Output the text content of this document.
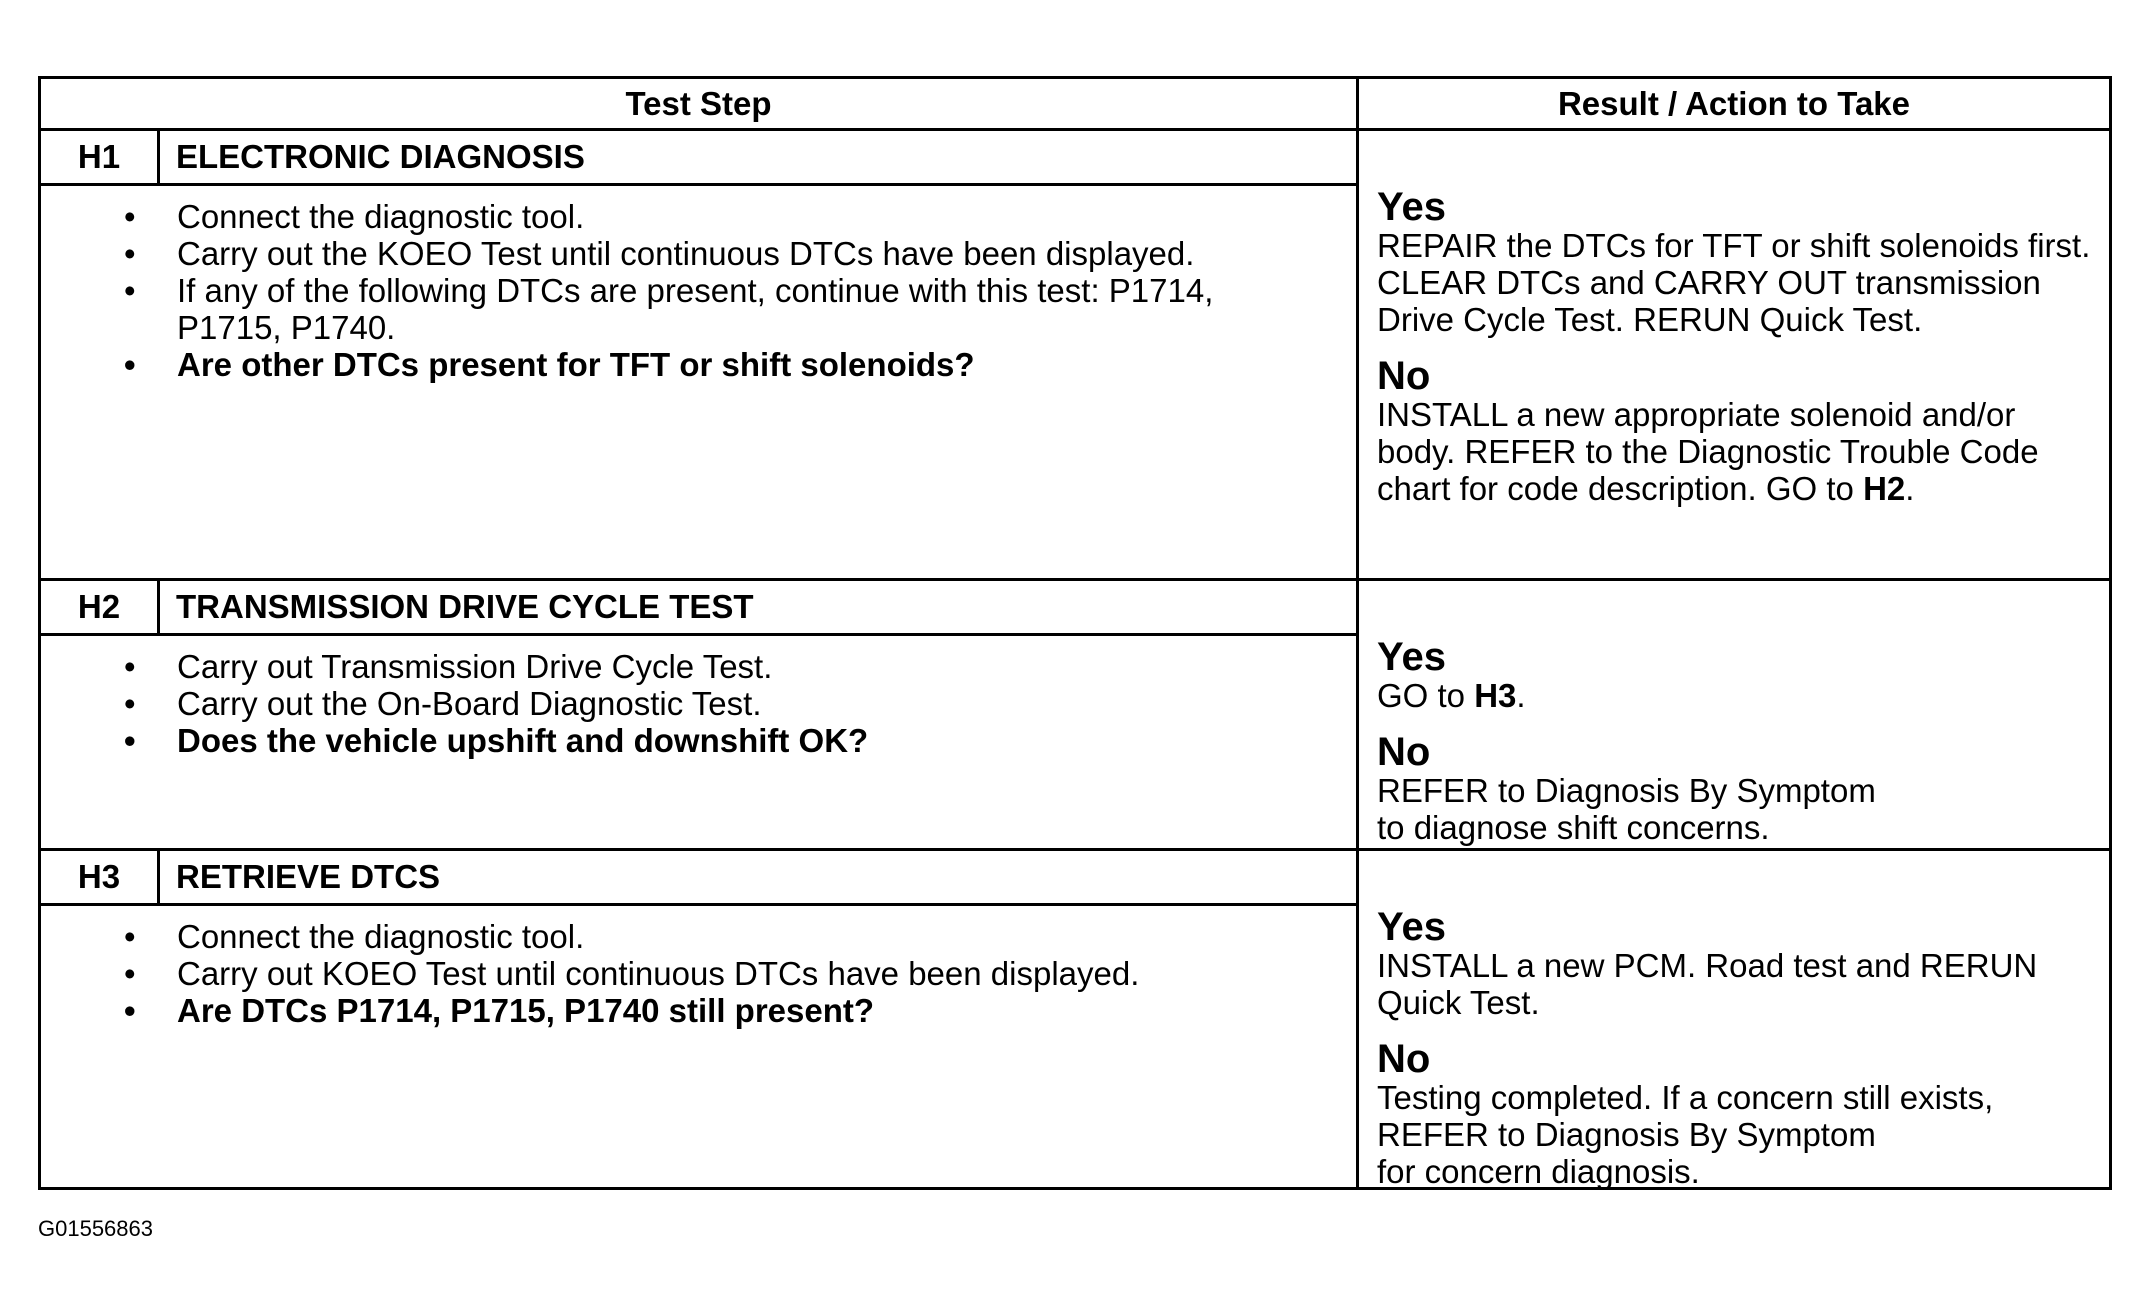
Test Step	Result / Action to Take
H1	ELECTRONIC DIAGNOSIS
• Connect the diagnostic tool.
• Carry out the KOEO Test until continuous DTCs have been displayed.
• If any of the following DTCs are present, continue with this test: P1714, P1715, P1740.
• Are other DTCs present for TFT or shift solenoids?
Yes
REPAIR the DTCs for TFT or shift solenoids first. CLEAR DTCs and CARRY OUT transmission Drive Cycle Test. RERUN Quick Test.
No
INSTALL a new appropriate solenoid and/or body. REFER to the Diagnostic Trouble Code chart for code description. GO to H2.
H2	TRANSMISSION DRIVE CYCLE TEST
• Carry out Transmission Drive Cycle Test.
• Carry out the On-Board Diagnostic Test.
• Does the vehicle upshift and downshift OK?
Yes
GO to H3.
No
REFER to Diagnosis By Symptom
to diagnose shift concerns.
H3	RETRIEVE DTCS
• Connect the diagnostic tool.
• Carry out KOEO Test until continuous DTCs have been displayed.
• Are DTCs P1714, P1715, P1740 still present?
Yes
INSTALL a new PCM. Road test and RERUN Quick Test.
No
Testing completed. If a concern still exists,
REFER to Diagnosis By Symptom
for concern diagnosis.
G01556863
